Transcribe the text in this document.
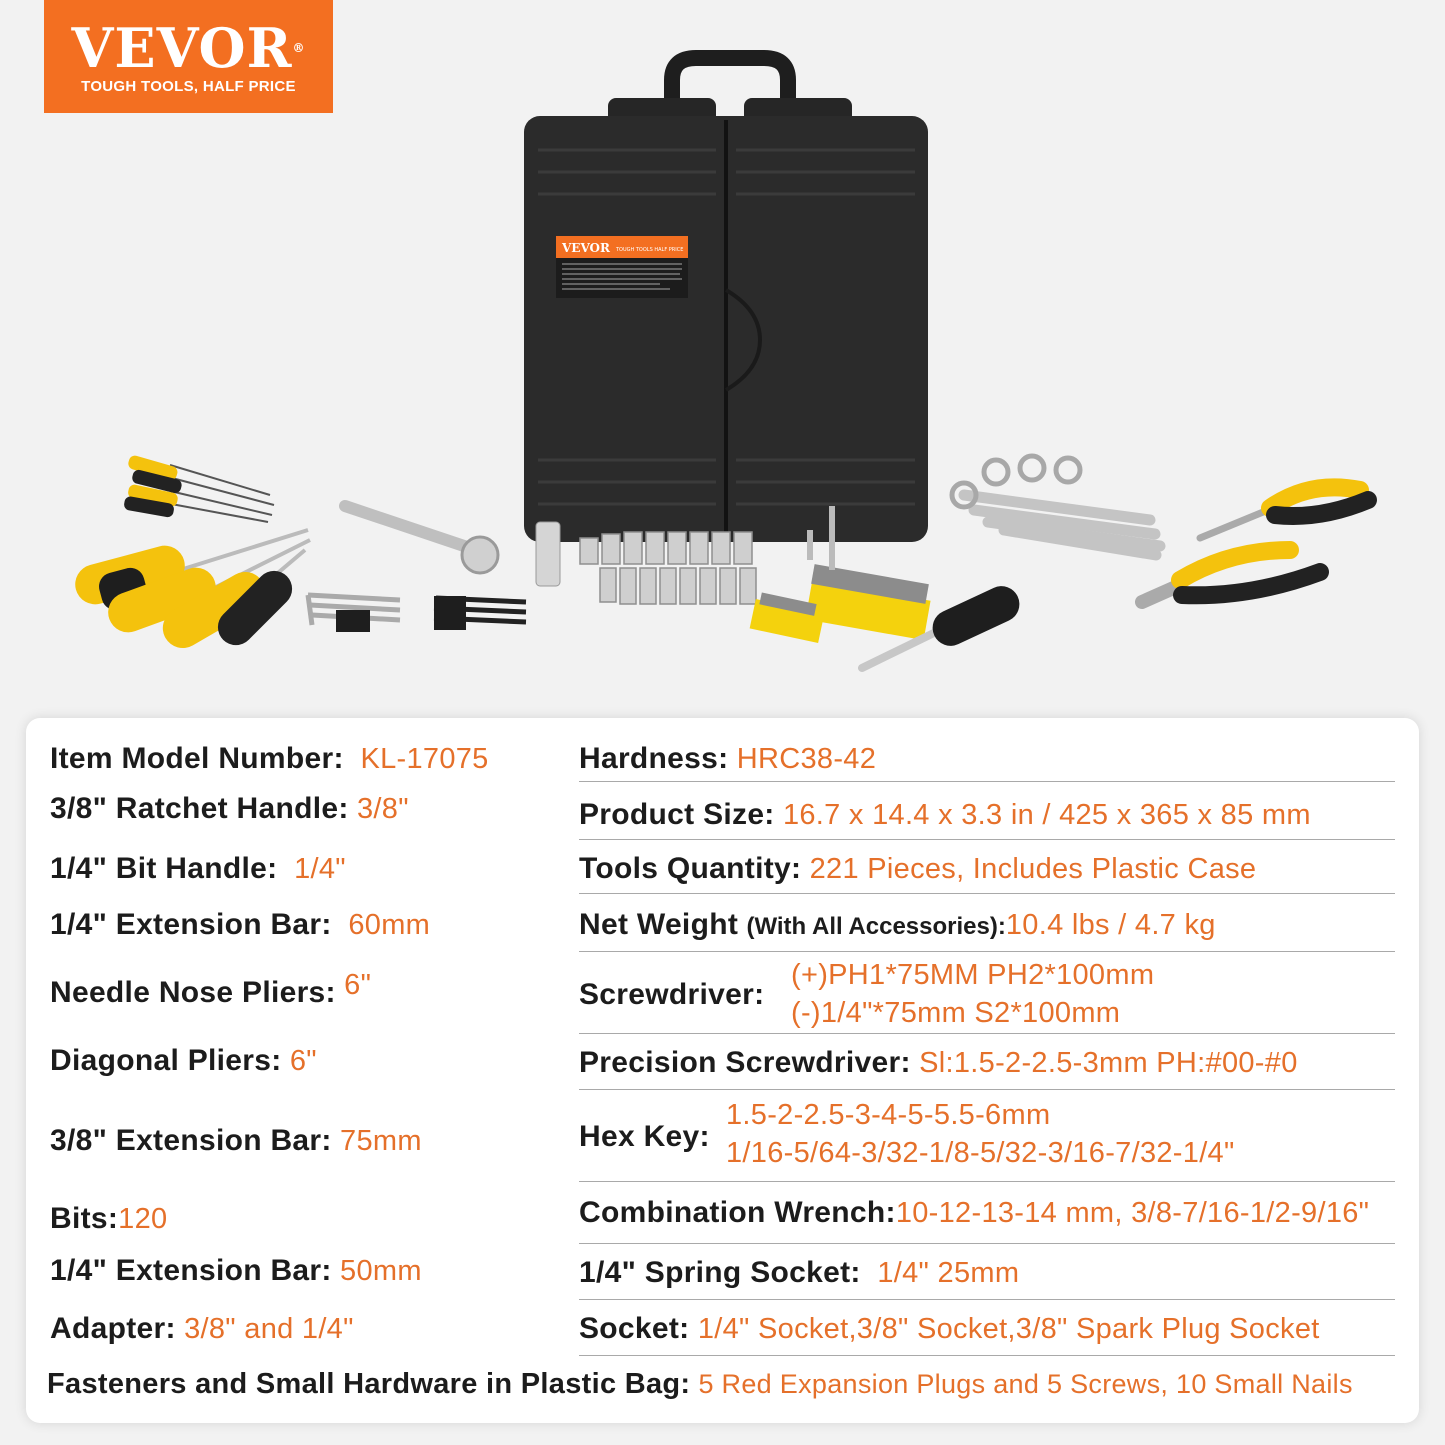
VEVOR®
TOUGH TOOLS, HALF PRICE
VEVOR TOUGH TOOLS HALF PRICE
Item Model Number: KL-17075	Hardness: HRC38-42
3/8" Ratchet Handle: 3/8"	Product Size: 16.7 x 14.4 x 3.3 in / 425 x 365 x 85 mm
1/4" Bit Handle: 1/4"	Tools Quantity: 221 Pieces, Includes Plastic Case
1/4" Extension Bar: 60mm	Net Weight (With All Accessories):10.4 lbs / 4.7 kg
Needle Nose Pliers: 6"	Screwdriver:
(+)PH1*75MM PH2*100mm
(-)1/4"*75mm S2*100mm
Diagonal Pliers: 6"	Precision Screwdriver: Sl:1.5-2-2.5-3mm PH:#00-#0
3/8" Extension Bar: 75mm	Hex Key:
1.5-2-2.5-3-4-5-5.5-6mm
1/16-5/64-3/32-1/8-5/32-3/16-7/32-1/4"
Bits:120	Combination Wrench:10-12-13-14 mm, 3/8-7/16-1/2-9/16"
1/4" Extension Bar: 50mm	1/4" Spring Socket: 1/4" 25mm
Adapter: 3/8" and 1/4"	Socket: 1/4" Socket,3/8" Socket,3/8" Spark Plug Socket
Fasteners and Small Hardware in Plastic Bag: 5 Red Expansion Plugs and 5 Screws, 10 Small Nails
